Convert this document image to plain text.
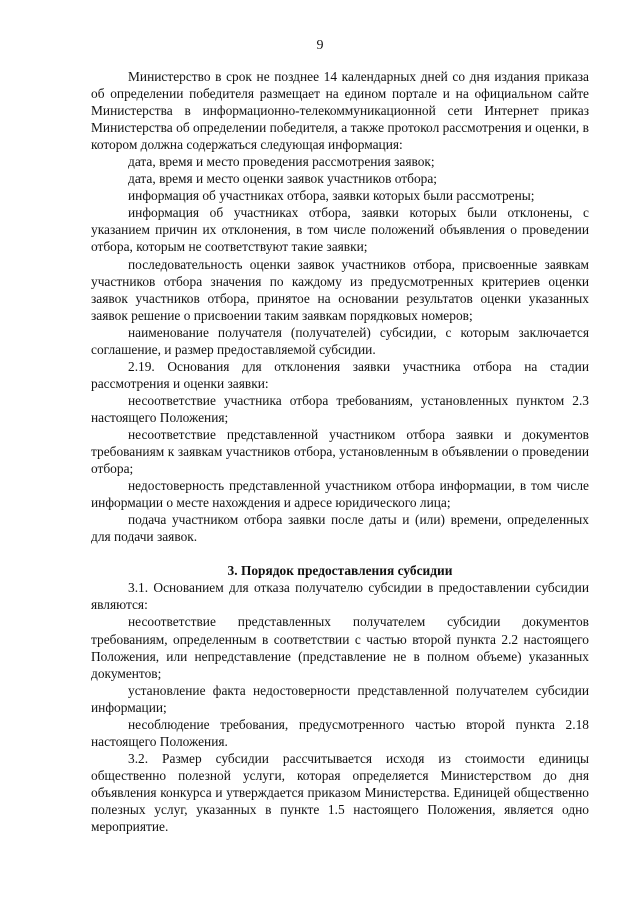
9

Министерство в срок не позднее 14 календарных дней со дня издания приказа об определении победителя размещает на едином портале и на официальном сайте Министерства в информационно-телекоммуникационной сети Интернет приказ Министерства об определении победителя, а также протокол рассмотрения и оценки, в котором должна содержаться следующая информация:

дата, время и место проведения рассмотрения заявок;

дата, время и место оценки заявок участников отбора;

информация об участниках отбора, заявки которых были рассмотрены;

информация об участниках отбора, заявки которых были отклонены, с указанием причин их отклонения, в том числе положений объявления о проведении отбора, которым не соответствуют такие заявки;

последовательность оценки заявок участников отбора, присвоенные заявкам участников отбора значения по каждому из предусмотренных критериев оценки заявок участников отбора, принятое на основании результатов оценки указанных заявок решение о присвоении таким заявкам порядковых номеров;

наименование получателя (получателей) субсидии, с которым заключается соглашение, и размер предоставляемой субсидии.

2.19. Основания для отклонения заявки участника отбора на стадии рассмотрения и оценки заявки:

несоответствие участника отбора требованиям, установленных пунктом 2.3 настоящего Положения;

несоответствие представленной участником отбора заявки и документов требованиям к заявкам участников отбора, установленным в объявлении о проведении отбора;

недостоверность представленной участником отбора информации, в том числе информации о месте нахождения и адресе юридического лица;

подача участником отбора заявки после даты и (или) времени, определенных для подачи заявок.

3. Порядок предоставления субсидии

3.1. Основанием для отказа получателю субсидии в предоставлении субсидии являются:

несоответствие представленных получателем субсидии документов требованиям, определенным в соответствии с частью второй пункта 2.2 настоящего Положения, или непредставление (представление не в полном объеме) указанных документов;

установление факта недостоверности представленной получателем субсидии информации;

несоблюдение требования, предусмотренного частью второй пункта 2.18 настоящего Положения.

3.2. Размер субсидии рассчитывается исходя из стоимости единицы общественно полезной услуги, которая определяется Министерством до дня объявления конкурса и утверждается приказом Министерства. Единицей общественно полезных услуг, указанных в пункте 1.5 настоящего Положения, является одно мероприятие.
